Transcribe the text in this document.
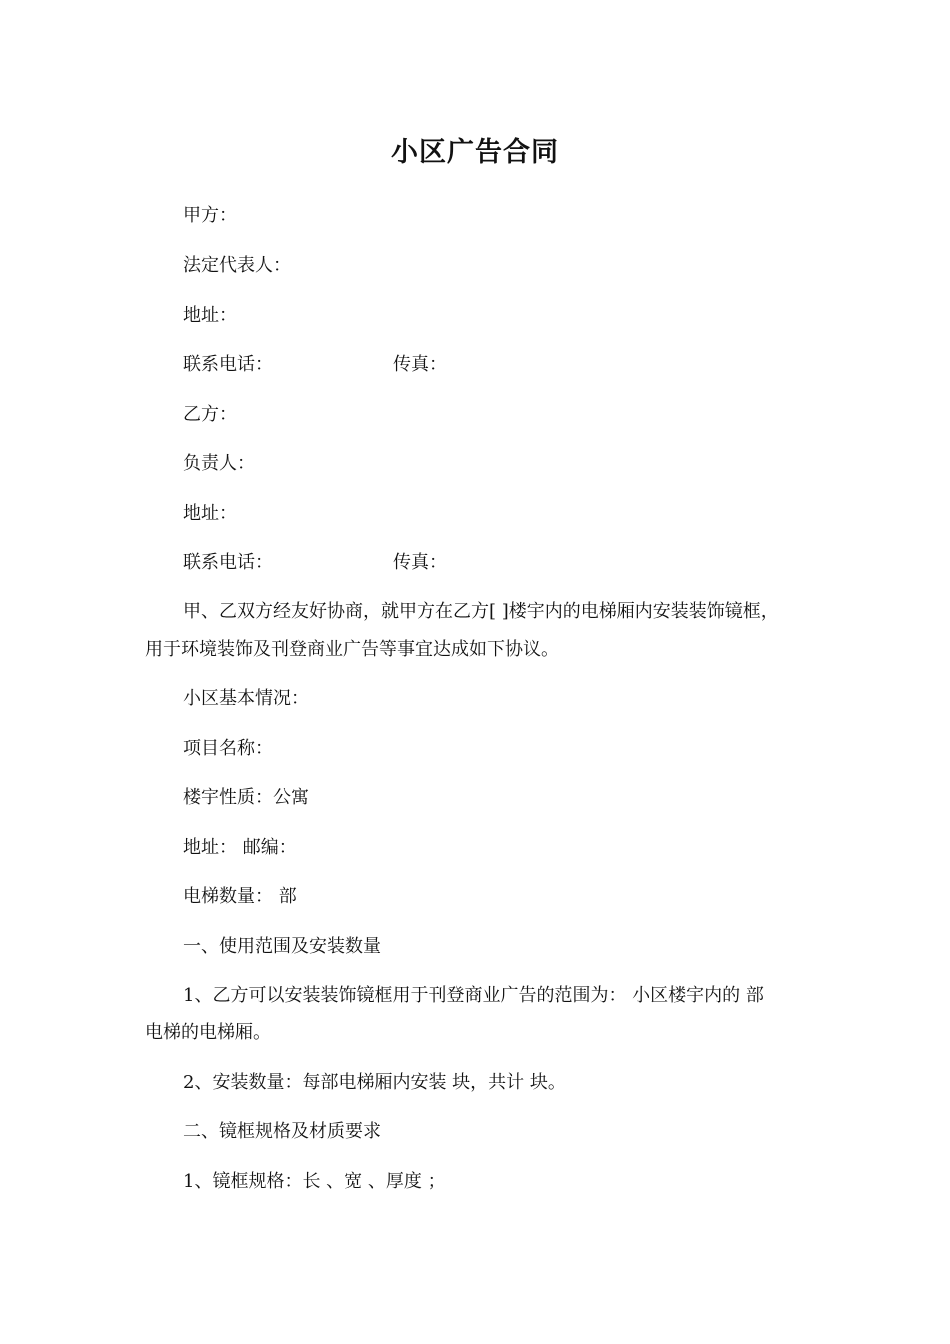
小区广告合同
甲方：
法定代表人：
地址：
联系电话：	传真：
乙方：
负责人：
地址：
联系电话：	传真：
甲、乙双方经友好协商，就甲方在乙方[ ]楼宇内的电梯厢内安装装饰镜框，
用于环境装饰及刊登商业广告等事宜达成如下协议。
小区基本情况：
项目名称：
楼宇性质：公寓
地址： 邮编：
电梯数量： 部
一、使用范围及安装数量
1、乙方可以安装装饰镜框用于刊登商业广告的范围为： 小区楼宇内的 部
电梯的电梯厢。
2、安装数量：每部电梯厢内安装 块，共计 块。
二、镜框规格及材质要求
1、镜框规格：长 、宽 、厚度 ；
